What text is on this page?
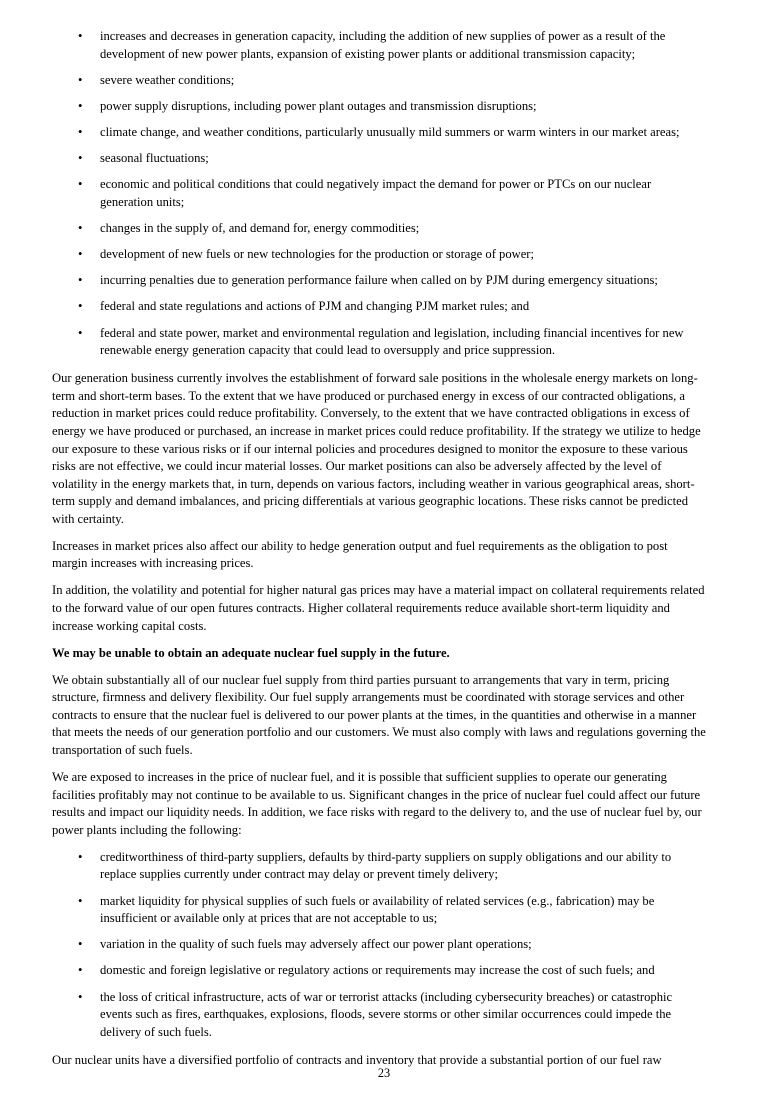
• increases and decreases in generation capacity, including the addition of new supplies of power as a result of the development of new power plants, expansion of existing power plants or additional transmission capacity;
• severe weather conditions;
• power supply disruptions, including power plant outages and transmission disruptions;
• climate change, and weather conditions, particularly unusually mild summers or warm winters in our market areas;
• seasonal fluctuations;
• economic and political conditions that could negatively impact the demand for power or PTCs on our nuclear generation units;
• changes in the supply of, and demand for, energy commodities;
• development of new fuels or new technologies for the production or storage of power;
• incurring penalties due to generation performance failure when called on by PJM during emergency situations;
• federal and state regulations and actions of PJM and changing PJM market rules; and
• federal and state power, market and environmental regulation and legislation, including financial incentives for new renewable energy generation capacity that could lead to oversupply and price suppression.

Our generation business currently involves the establishment of forward sale positions in the wholesale energy markets on long-term and short-term bases. To the extent that we have produced or purchased energy in excess of our contracted obligations, a reduction in market prices could reduce profitability. Conversely, to the extent that we have contracted obligations in excess of energy we have produced or purchased, an increase in market prices could reduce profitability. If the strategy we utilize to hedge our exposure to these various risks or if our internal policies and procedures designed to monitor the exposure to these various risks are not effective, we could incur material losses. Our market positions can also be adversely affected by the level of volatility in the energy markets that, in turn, depends on various factors, including weather in various geographical areas, short-term supply and demand imbalances, and pricing differentials at various geographic locations. These risks cannot be predicted with certainty.

Increases in market prices also affect our ability to hedge generation output and fuel requirements as the obligation to post margin increases with increasing prices.

In addition, the volatility and potential for higher natural gas prices may have a material impact on collateral requirements related to the forward value of our open futures contracts. Higher collateral requirements reduce available short-term liquidity and increase working capital costs.

We may be unable to obtain an adequate nuclear fuel supply in the future.

We obtain substantially all of our nuclear fuel supply from third parties pursuant to arrangements that vary in term, pricing structure, firmness and delivery flexibility. Our fuel supply arrangements must be coordinated with storage services and other contracts to ensure that the nuclear fuel is delivered to our power plants at the times, in the quantities and otherwise in a manner that meets the needs of our generation portfolio and our customers. We must also comply with laws and regulations governing the transportation of such fuels.

We are exposed to increases in the price of nuclear fuel, and it is possible that sufficient supplies to operate our generating facilities profitably may not continue to be available to us. Significant changes in the price of nuclear fuel could affect our future results and impact our liquidity needs. In addition, we face risks with regard to the delivery to, and the use of nuclear fuel by, our power plants including the following:

• creditworthiness of third-party suppliers, defaults by third-party suppliers on supply obligations and our ability to replace supplies currently under contract may delay or prevent timely delivery;
• market liquidity for physical supplies of such fuels or availability of related services (e.g., fabrication) may be insufficient or available only at prices that are not acceptable to us;
• variation in the quality of such fuels may adversely affect our power plant operations;
• domestic and foreign legislative or regulatory actions or requirements may increase the cost of such fuels; and
• the loss of critical infrastructure, acts of war or terrorist attacks (including cybersecurity breaches) or catastrophic events such as fires, earthquakes, explosions, floods, severe storms or other similar occurrences could impede the delivery of such fuels.

Our nuclear units have a diversified portfolio of contracts and inventory that provide a substantial portion of our fuel raw

23
